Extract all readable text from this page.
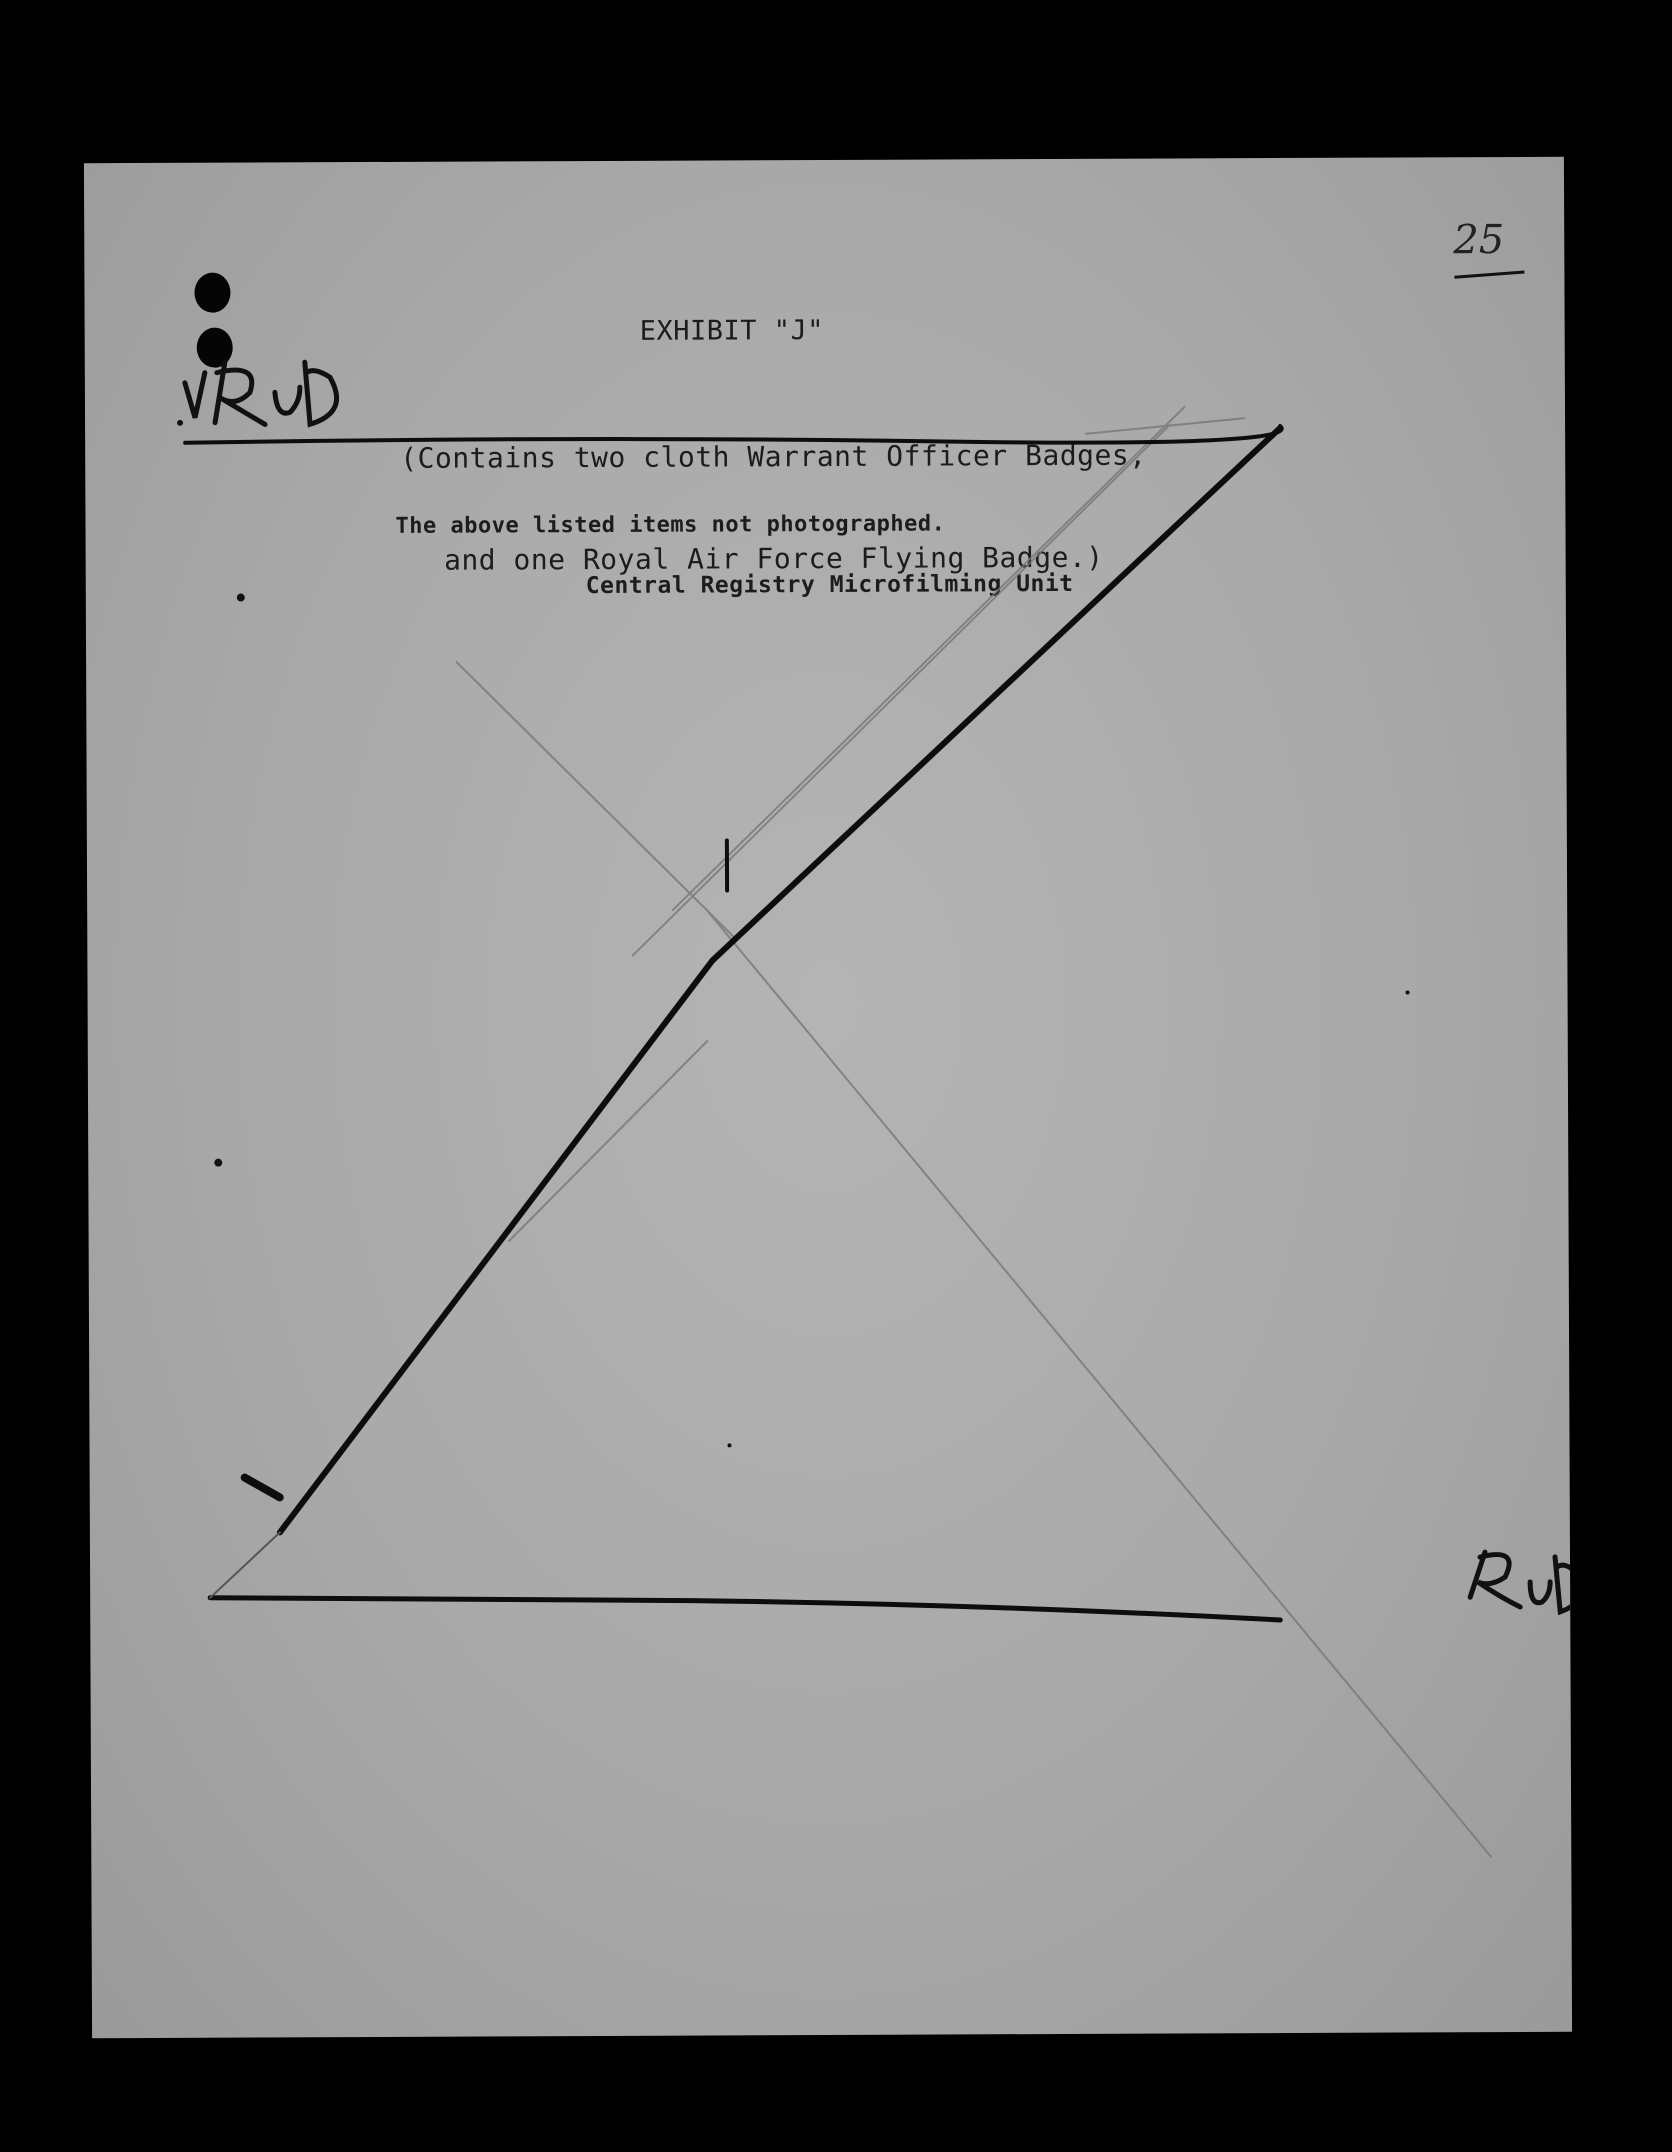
25
EXHIBIT "J"

(Contains two cloth Warrant Officer Badges,

and one Royal Air Force Flying Badge.)

The above listed items not photographed.
Central Registry Microfilming Unit
